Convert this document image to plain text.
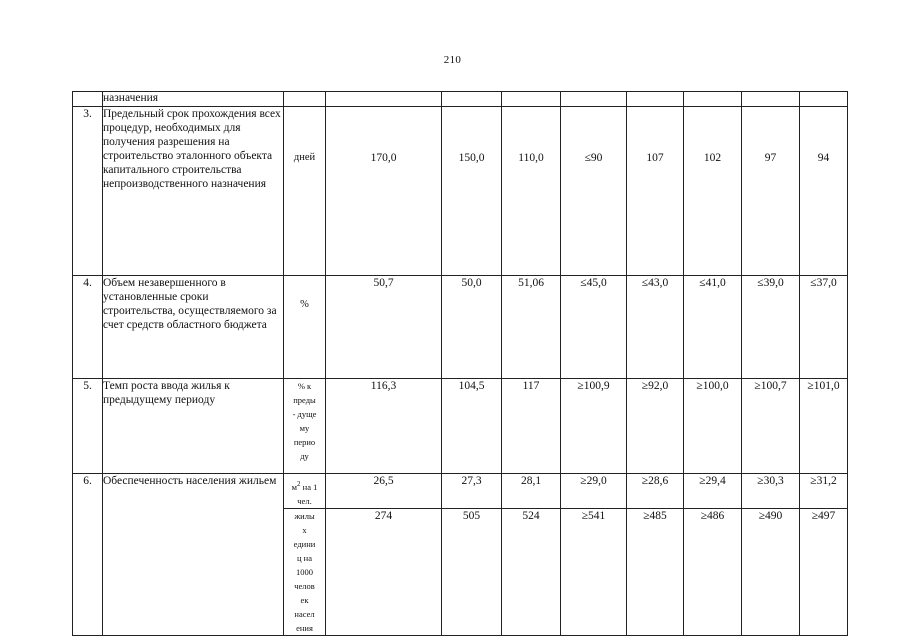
210
	назначения									
3.	Предельный срок прохождения всех процедур, необходимых для получения разрешения на строительство эталонного объекта капитального строительства непроизводственного назначения	дней	170,0	150,0	110,0	≤90	107	102	97	94
4.	Объем незавершенного в установленные сроки строительства, осуществляемого за счет средств областного бюджета	%	50,7	50,0	51,06	≤45,0	≤43,0	≤41,0	≤39,0	≤37,0
5.	Темп роста ввода жилья к предыдущему периоду	% к преды - дуще му перио ду	116,3	104,5	117	≥100,9	≥92,0	≥100,0	≥100,7	≥101,0
6.	Обеспеченность населения жильем	$м^2$ на 1 чел.	26,5	27,3	28,1	≥29,0	≥28,6	≥29,4	≥30,3	≥31,2
		жилы х едини ц на 1000 челов ек насел ения	274	505	524	≥541	≥485	≥486	≥490	≥497
